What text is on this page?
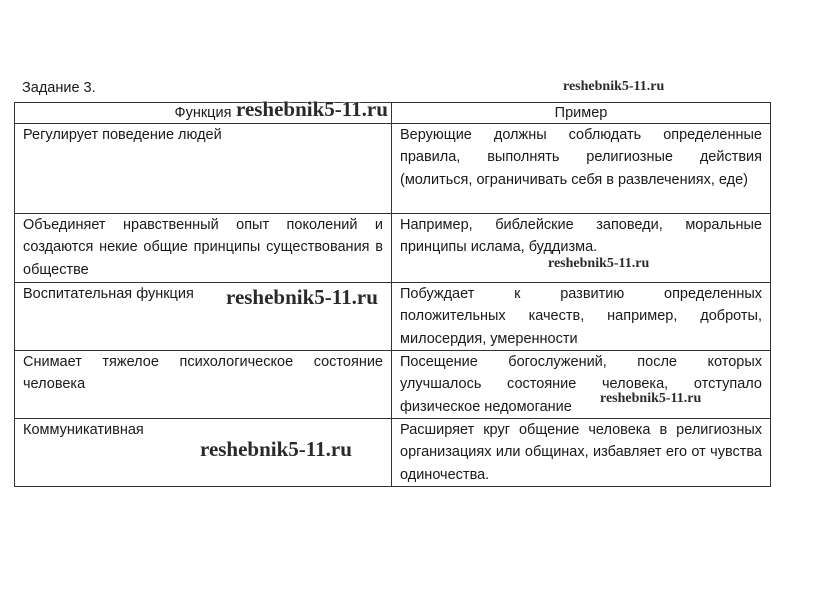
Задание 3.
Функция	Пример
Регулирует поведение людей	Верующие должны соблюдать определенные правила, выполнять религиозные действия (молиться, ограничивать себя в развлечениях, еде)
Объединяет нравственный опыт поколений и создаются некие общие принципы существования в обществе	Например, библейские заповеди, моральные принципы ислама, буддизма.
Воспитательная функция	Побуждает к развитию определенных положительных качеств, например, доброты, милосердия, умеренности
Снимает тяжелое психологическое состояние человека	Посещение богослужений, после которых улучшалось состояние человека, отступало физическое недомогание
Коммуникативная	Расширяет круг общение человека в религиозных организациях или общинах, избавляет его от чувства одиночества.
reshebnik5-11.ru
reshebnik5-11.ru
reshebnik5-11.ru
reshebnik5-11.ru
reshebnik5-11.ru
reshebnik5-11.ru
